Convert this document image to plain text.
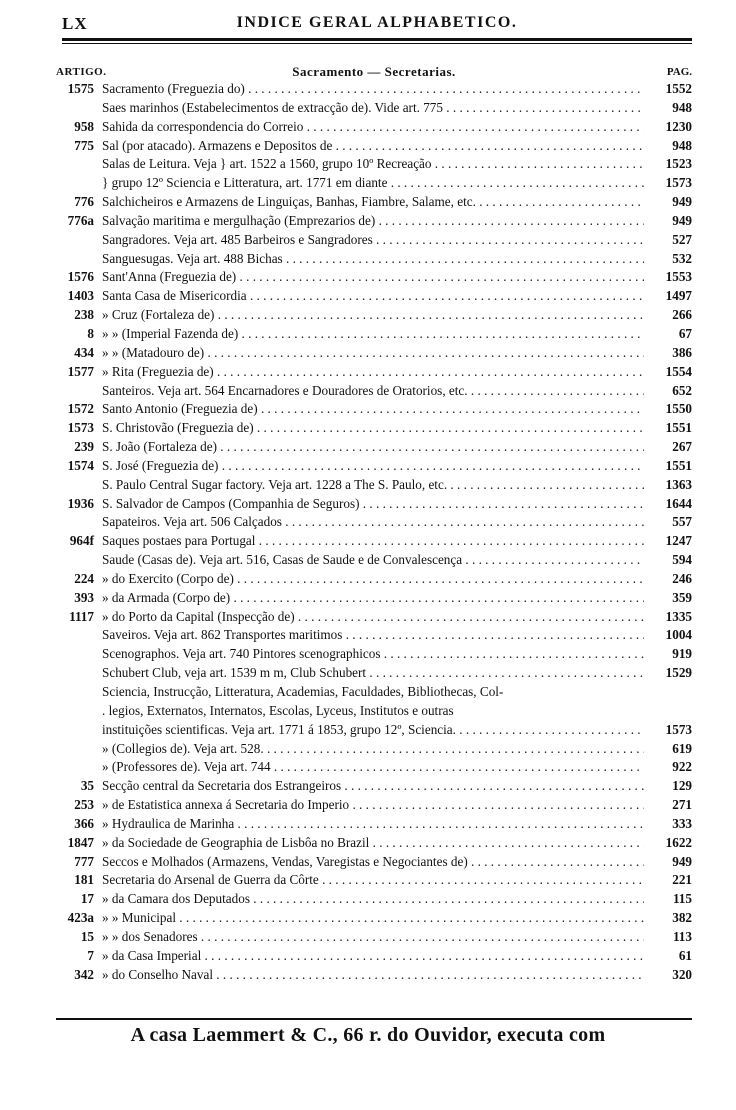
LX	INDICE GERAL ALPHABETICO.
ARTIGO.	Sacramento — Secretarias.	PAG.
1575 Sacramento (Freguezia do) . . .	1552
Saes marinhos (Estabelecimentos de extracção de). Vide art. 775 . . .	948
958 Sahida da correspondencia do Correio . . .	1230
775 Sal (por atacado). Armazens e Depositos de . . .	948
Salas de Leitura. Veja } art. 1522 a 1560, grupo 10º Recreação . . .	1523
} grupo 12º Sciencia e Litteratura, art. 1771 em diante . . .	1573
776 Salchicheiros e Armazens de Linguiças, Banhas, Fiambre, Salame, etc. . . .	949
776a Salvação maritima e mergulhação (Emprezarios de) . . .	949
Sangradores. Veja art. 485 Barbeiros e Sangradores . . .	527
Sanguesugas. Veja art. 488 Bichas . . .	532
1576 Sant'Anna (Freguezia de) . . .	1553
1403 Santa Casa de Misericordia . . .	1497
238 » Cruz (Fortaleza de) . . .	266
8 » » (Imperial Fazenda de) . . .	67
434 » » (Matadouro de) . . .	386
1577 » Rita (Freguezia de) . . .	1554
Santeiros. Veja art. 564 Encarnadores e Douradores de Oratorios, etc. . . .	652
1572 Santo Antonio (Freguezia de) . . .	1550
1573 S. Christovão (Freguezia de) . . .	1551
239 S. João (Fortaleza de) . . .	267
1574 S. José (Freguezia de) . . .	1551
S. Paulo Central Sugar factory. Veja art. 1228 a The S. Paulo, etc. . . .	1363
1936 S. Salvador de Campos (Companhia de Seguros) . . .	1644
Sapateiros. Veja art. 506 Calçados . . .	557
964f Saques postaes para Portugal . . .	1247
Saude (Casas de). Veja art. 516, Casas de Saude e de Convalescença . . .	594
224 » do Exercito (Corpo de) . . .	246
393 » da Armada (Corpo de) . . .	359
1117 » do Porto da Capital (Inspecção de) . . .	1335
Saveiros. Veja art. 862 Transportes maritimos . . .	1004
Scenographos. Veja art. 740 Pintores scenographicos . . .	919
Schubert Club, veja art. 1539 m m, Club Schubert . . .	1529
Sciencia, Instrucção, Litteratura, Academias, Faculdades, Bibliothecas, Col-
. legios, Externatos, Internatos, Escolas, Lyceus, Institutos e outras
instituições scientificas. Veja art. 1771 á 1853, grupo 12º, Sciencia. . . .	1573
» (Collegios de). Veja art. 528. . . .	619
» (Professores de). Veja art. 744 . . .	922
35 Secção central da Secretaria dos Estrangeiros . . .	129
253 » de Estatistica annexa á Secretaria do Imperio . . .	271
366 » Hydraulica de Marinha . . .	333
1847 » da Sociedade de Geographia de Lisbôa no Brazil . . .	1622
777 Seccos e Molhados (Armazens, Vendas, Varegistas e Negociantes de) . . .	949
181 Secretaria do Arsenal de Guerra da Côrte . . .	221
17 » da Camara dos Deputados . . .	115
423a » » Municipal . . .	382
15 » » dos Senadores . . .	113
7 » da Casa Imperial . . .	61
342 » do Conselho Naval . . .	320
A casa Laemmert & C., 66 r. do Ouvidor, executa com
